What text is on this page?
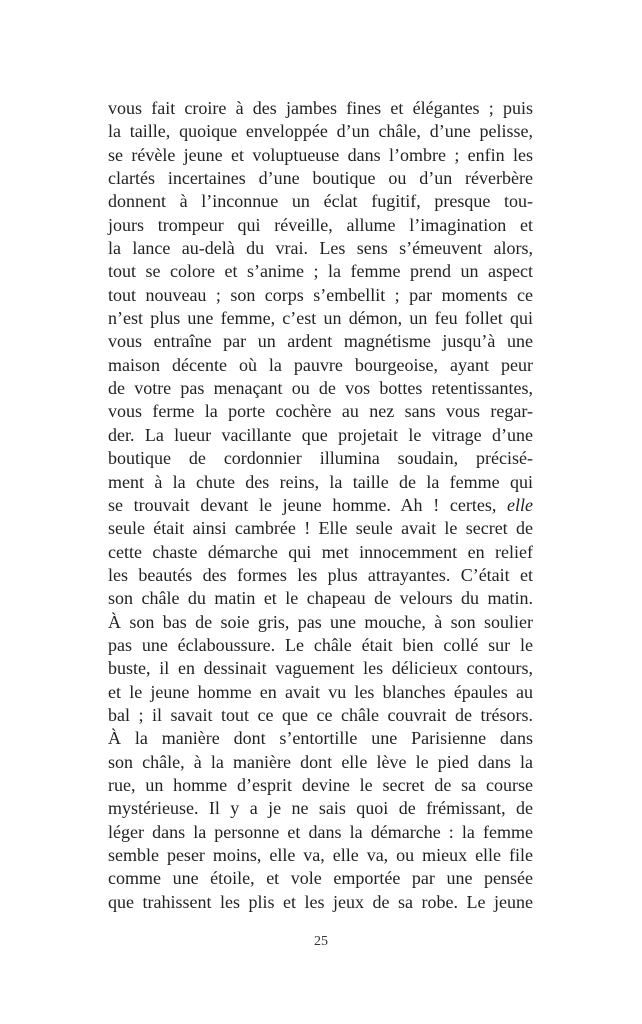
vous fait croire à des jambes fines et élégantes ; puis
la taille, quoique enveloppée d’un châle, d’une pelisse,
se révèle jeune et voluptueuse dans l’ombre ; enfin les
clartés incertaines d’une boutique ou d’un réverbère
donnent à l’inconnue un éclat fugitif, presque tou-
jours trompeur qui réveille, allume l’imagination et
la lance au-delà du vrai. Les sens s’émeuvent alors,
tout se colore et s’anime ; la femme prend un aspect
tout nouveau ; son corps s’embellit ; par moments ce
n’est plus une femme, c’est un démon, un feu follet qui
vous entraîne par un ardent magnétisme jusqu’à une
maison décente où la pauvre bourgeoise, ayant peur
de votre pas menaçant ou de vos bottes retentissantes,
vous ferme la porte cochère au nez sans vous regar-
der. La lueur vacillante que projetait le vitrage d’une
boutique de cordonnier illumina soudain, précisé-
ment à la chute des reins, la taille de la femme qui
se trouvait devant le jeune homme. Ah ! certes, elle
seule était ainsi cambrée ! Elle seule avait le secret de
cette chaste démarche qui met innocemment en relief
les beautés des formes les plus attrayantes. C’était et
son châle du matin et le chapeau de velours du matin.
À son bas de soie gris, pas une mouche, à son soulier
pas une éclaboussure. Le châle était bien collé sur le
buste, il en dessinait vaguement les délicieux contours,
et le jeune homme en avait vu les blanches épaules au
bal ; il savait tout ce que ce châle couvrait de trésors.
À la manière dont s’entortille une Parisienne dans
son châle, à la manière dont elle lève le pied dans la
rue, un homme d’esprit devine le secret de sa course
mystérieuse. Il y a je ne sais quoi de frémissant, de
léger dans la personne et dans la démarche : la femme
semble peser moins, elle va, elle va, ou mieux elle file
comme une étoile, et vole emportée par une pensée
que trahissent les plis et les jeux de sa robe. Le jeune
25
